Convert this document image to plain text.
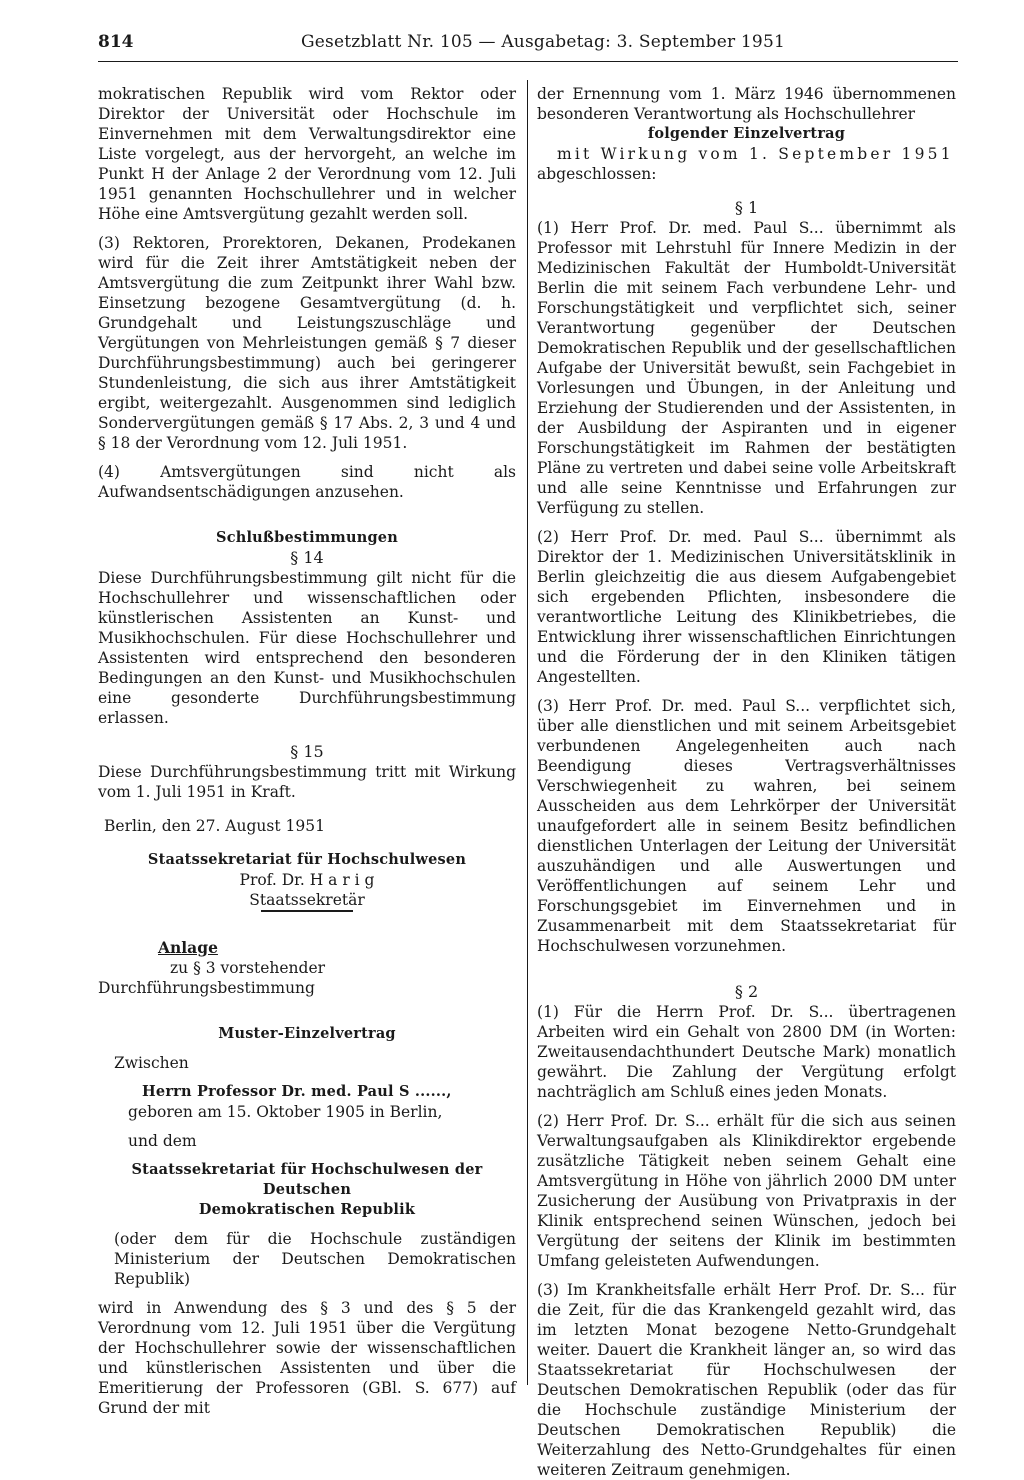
814	Gesetzblatt Nr. 105 — Ausgabetag: 3. September 1951

mokratischen Republik wird vom Rektor oder Direktor der Universität oder Hochschule im Einvernehmen mit dem Verwaltungsdirektor eine Liste vorgelegt, aus der hervorgeht, an welche im Punkt H der Anlage 2 der Verordnung vom 12. Juli 1951 genannten Hochschullehrer und in welcher Höhe eine Amtsvergütung gezahlt werden soll.

(3) Rektoren, Prorektoren, Dekanen, Prodekanen wird für die Zeit ihrer Amtstätigkeit neben der Amtsvergütung die zum Zeitpunkt ihrer Wahl bzw. Einsetzung bezogene Gesamtvergütung (d. h. Grundgehalt und Leistungszuschläge und Vergütungen von Mehrleistungen gemäß § 7 dieser Durchführungsbestimmung) auch bei geringerer Stundenleistung, die sich aus ihrer Amtstätigkeit ergibt, weitergezahlt. Ausgenommen sind lediglich Sondervergütungen gemäß § 17 Abs. 2, 3 und 4 und § 18 der Verordnung vom 12. Juli 1951.

(4) Amtsvergütungen sind nicht als Aufwandsentschädigungen anzusehen.

Schlußbestimmungen

§ 14

Diese Durchführungsbestimmung gilt nicht für die Hochschullehrer und wissenschaftlichen oder künstlerischen Assistenten an Kunst- und Musikhochschulen. Für diese Hochschullehrer und Assistenten wird entsprechend den besonderen Bedingungen an den Kunst- und Musikhochschulen eine gesonderte Durchführungsbestimmung erlassen.

§ 15

Diese Durchführungsbestimmung tritt mit Wirkung vom 1. Juli 1951 in Kraft.

Berlin, den 27. August 1951

Staatssekretariat für Hochschulwesen

Prof. Dr. H a r i g

Staatssekretär

Anlage

zu § 3 vorstehender

Durchführungsbestimmung

Muster-Einzelvertrag

Zwischen

Herrn Professor Dr. med. Paul S ......,

geboren am 15. Oktober 1905 in Berlin,

und dem

Staatssekretariat für Hochschulwesen der Deutschen

Demokratischen Republik

(oder dem für die Hochschule zuständigen Ministerium der Deutschen Demokratischen Republik)

wird in Anwendung des § 3 und des § 5 der Verordnung vom 12. Juli 1951 über die Vergütung der Hochschullehrer sowie der wissenschaftlichen und künstlerischen Assistenten und über die Emeritierung der Professoren (GBl. S. 677) auf Grund der mit

der Ernennung vom 1. März 1946 übernommenen besonderen Verantwortung als Hochschullehrer

folgender Einzelvertrag

mit Wirkung vom 1. September 1951

abgeschlossen:

§ 1

(1) Herr Prof. Dr. med. Paul S... übernimmt als Professor mit Lehrstuhl für Innere Medizin in der Medizinischen Fakultät der Humboldt-Universität Berlin die mit seinem Fach verbundene Lehr- und Forschungstätigkeit und verpflichtet sich, seiner Verantwortung gegenüber der Deutschen Demokratischen Republik und der gesellschaftlichen Aufgabe der Universität bewußt, sein Fachgebiet in Vorlesungen und Übungen, in der Anleitung und Erziehung der Studierenden und der Assistenten, in der Ausbildung der Aspiranten und in eigener Forschungstätigkeit im Rahmen der bestätigten Pläne zu vertreten und dabei seine volle Arbeitskraft und alle seine Kenntnisse und Erfahrungen zur Verfügung zu stellen.

(2) Herr Prof. Dr. med. Paul S... übernimmt als Direktor der 1. Medizinischen Universitätsklinik in Berlin gleichzeitig die aus diesem Aufgabengebiet sich ergebenden Pflichten, insbesondere die verantwortliche Leitung des Klinikbetriebes, die Entwicklung ihrer wissenschaftlichen Einrichtungen und die Förderung der in den Kliniken tätigen Angestellten.

(3) Herr Prof. Dr. med. Paul S... verpflichtet sich, über alle dienstlichen und mit seinem Arbeitsgebiet verbundenen Angelegenheiten auch nach Beendigung dieses Vertragsverhältnisses Verschwiegenheit zu wahren, bei seinem Ausscheiden aus dem Lehrkörper der Universität unaufgefordert alle in seinem Besitz befindlichen dienstlichen Unterlagen der Leitung der Universität auszuhändigen und alle Auswertungen und Veröffentlichungen auf seinem Lehr und Forschungsgebiet im Einvernehmen und in Zusammenarbeit mit dem Staatssekretariat für Hochschulwesen vorzunehmen.

§ 2

(1) Für die Herrn Prof. Dr. S... übertragenen Arbeiten wird ein Gehalt von 2800 DM (in Worten: Zweitausendachthundert Deutsche Mark) monatlich gewährt. Die Zahlung der Vergütung erfolgt nachträglich am Schluß eines jeden Monats.

(2) Herr Prof. Dr. S... erhält für die sich aus seinen Verwaltungsaufgaben als Klinikdirektor ergebende zusätzliche Tätigkeit neben seinem Gehalt eine Amtsvergütung in Höhe von jährlich 2000 DM unter Zusicherung der Ausübung von Privatpraxis in der Klinik entsprechend seinen Wünschen, jedoch bei Vergütung der seitens der Klinik im bestimmten Umfang geleisteten Aufwendungen.

(3) Im Krankheitsfalle erhält Herr Prof. Dr. S... für die Zeit, für die das Krankengeld gezahlt wird, das im letzten Monat bezogene Netto-Grundgehalt weiter. Dauert die Krankheit länger an, so wird das Staatssekretariat für Hochschulwesen der Deutschen Demokratischen Republik (oder das für die Hochschule zuständige Ministerium der Deutschen Demokratischen Republik) die Weiterzahlung des Netto-Grundgehaltes für einen weiteren Zeitraum genehmigen.
